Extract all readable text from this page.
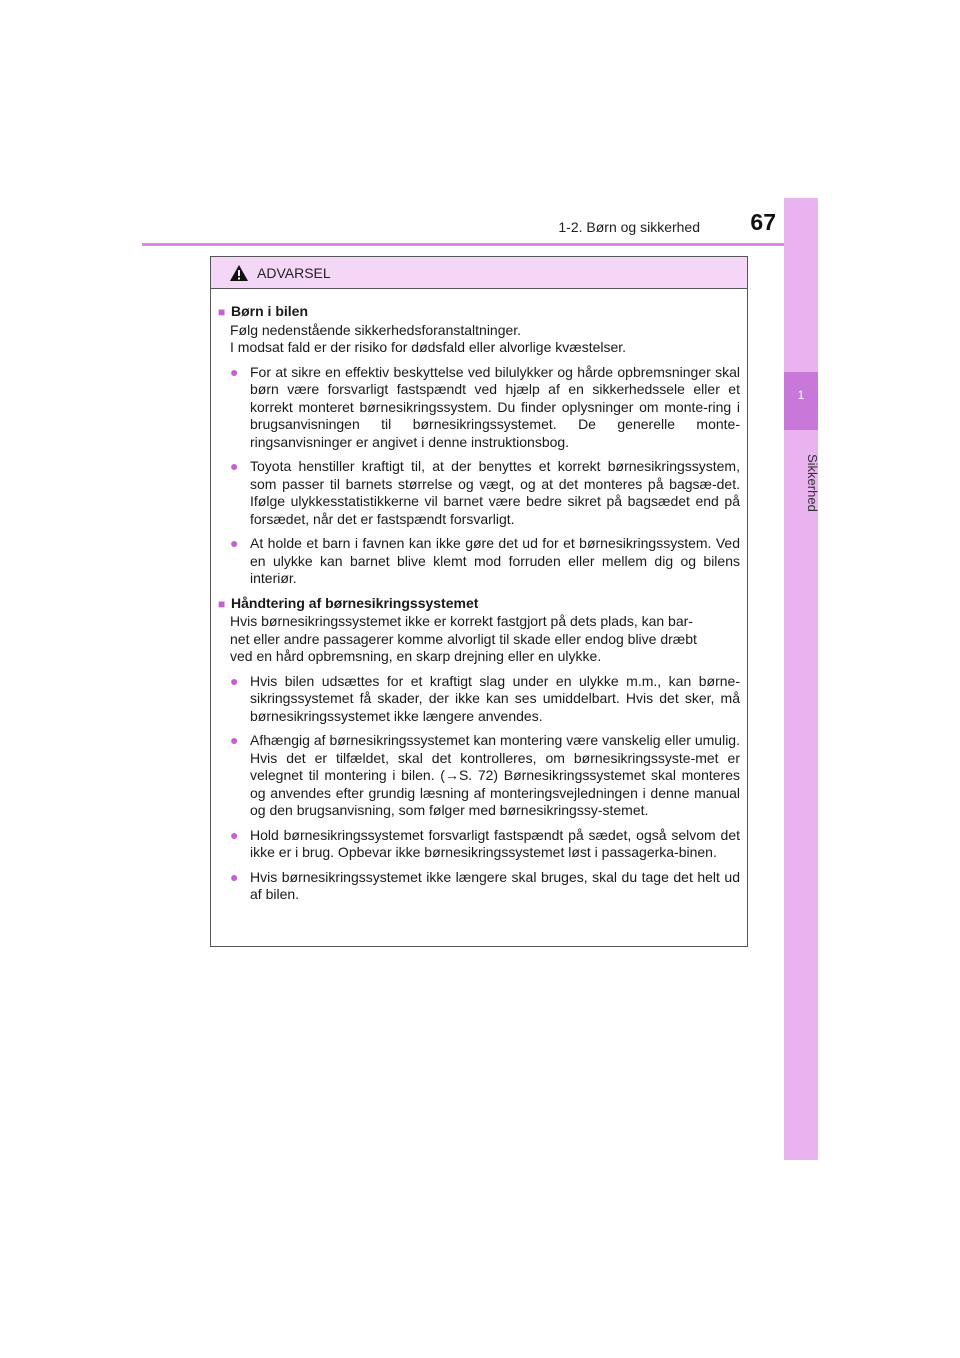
1-2. Børn og sikkerhed	67
1
Sikkerhed
ADVARSEL
■ Børn i bilen
Følg nedenstående sikkerhedsforanstaltninger.
I modsat fald er der risiko for dødsfald eller alvorlige kvæstelser.
● For at sikre en effektiv beskyttelse ved bilulykker og hårde opbremsninger skal børn være forsvarligt fastspændt ved hjælp af en sikkerhedssele eller et korrekt monteret børnesikringssystem. Du finder oplysninger om monte-ring i brugsanvisningen til børnesikringssystemet. De generelle monte-ringsanvisninger er angivet i denne instruktionsbog.
● Toyota henstiller kraftigt til, at der benyttes et korrekt børnesikringssystem, som passer til barnets størrelse og vægt, og at det monteres på bagsæ-det. Ifølge ulykkesstatistikkerne vil barnet være bedre sikret på bagsædet end på forsædet, når det er fastspændt forsvarligt.
● At holde et barn i favnen kan ikke gøre det ud for et børnesikringssystem. Ved en ulykke kan barnet blive klemt mod forruden eller mellem dig og bilens interiør.
■ Håndtering af børnesikringssystemet
Hvis børnesikringssystemet ikke er korrekt fastgjort på dets plads, kan bar-
net eller andre passagerer komme alvorligt til skade eller endog blive dræbt
ved en hård opbremsning, en skarp drejning eller en ulykke.
● Hvis bilen udsættes for et kraftigt slag under en ulykke m.m., kan børne-sikringssystemet få skader, der ikke kan ses umiddelbart. Hvis det sker, må børnesikringssystemet ikke længere anvendes.
● Afhængig af børnesikringssystemet kan montering være vanskelig eller umulig. Hvis det er tilfældet, skal det kontrolleres, om børnesikringssyste-met er velegnet til montering i bilen. (→S. 72) Børnesikringssystemet skal monteres og anvendes efter grundig læsning af monteringsvejledningen i denne manual og den brugsanvisning, som følger med børnesikringssy-stemet.
● Hold børnesikringssystemet forsvarligt fastspændt på sædet, også selvom det ikke er i brug. Opbevar ikke børnesikringssystemet løst i passagerka-binen.
● Hvis børnesikringssystemet ikke længere skal bruges, skal du tage det helt ud af bilen.
